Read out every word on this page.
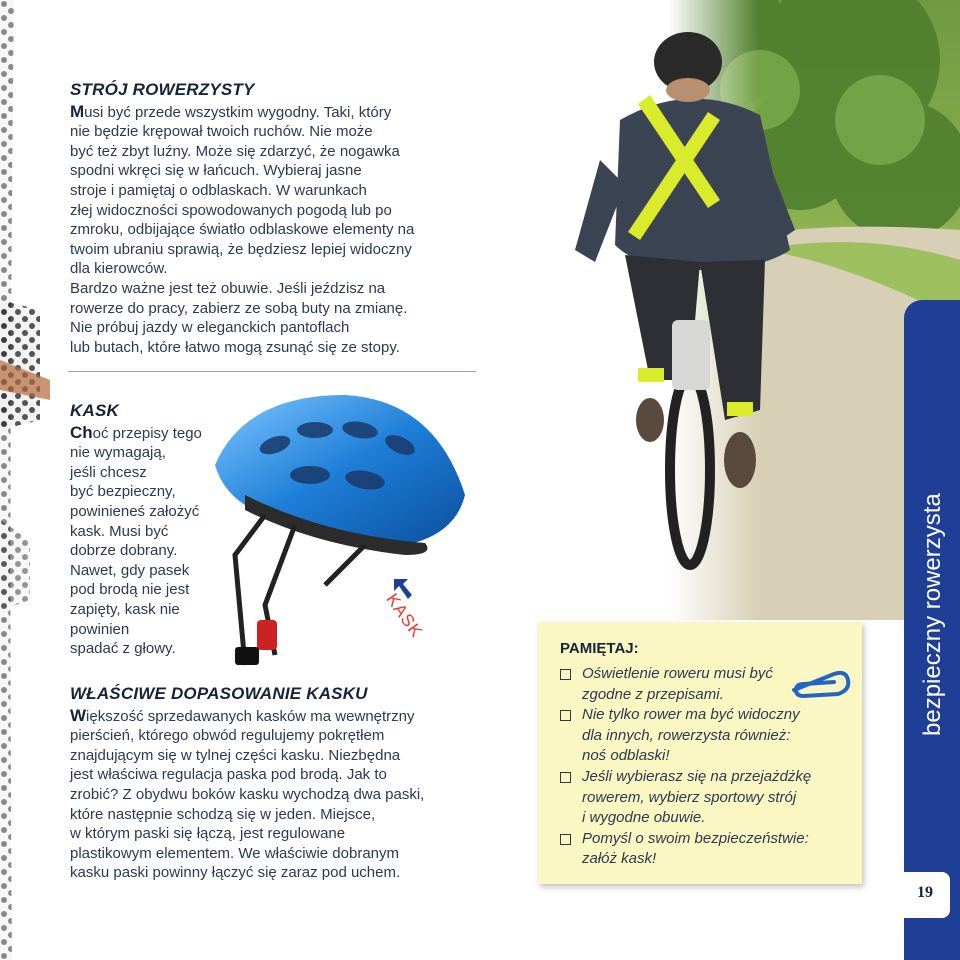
STRÓJ ROWERZYSTY

Musi być przede wszystkim wygodny. Taki, który
nie będzie krępował twoich ruchów. Nie może
być też zbyt luźny. Może się zdarzyć, że nogawka
spodni wkręci się w łańcuch. Wybieraj jasne
stroje i pamiętaj o odblaskach. W warunkach
złej widoczności spowodowanych pogodą lub po
zmroku, odbijające światło odblaskowe elementy na
twoim ubraniu sprawią, że będziesz lepiej widoczny
dla kierowców.

Bardzo ważne jest też obuwie. Jeśli jeździsz na
rowerze do pracy, zabierz ze sobą buty na zmianę.
Nie próbuj jazdy w eleganckich pantoflach
lub butach, które łatwo mogą zsunąć się ze stopy.

KASK

Choć przepisy tego
nie wymagają,
jeśli chcesz
być bezpieczny,
powinieneś założyć
kask. Musi być
dobrze dobrany.
Nawet, gdy pasek
pod brodą nie jest
zapięty, kask nie
powinien
spadać z głowy.

KASK
WŁAŚCIWE DOPASOWANIE KASKU

Większość sprzedawanych kasków ma wewnętrzny
pierścień, którego obwód regulujemy pokrętłem
znajdującym się w tylnej części kasku. Niezbędna
jest właściwa regulacja paska pod brodą. Jak to
zrobić? Z obydwu boków kasku wychodzą dwa paski,
które następnie schodzą się w jeden. Miejsce,
w którym paski się łączą, jest regulowane
plastikowym elementem. We właściwie dobranym
kasku paski powinny łączyć się zaraz pod uchem.

PAMIĘTAJ:
Oświetlenie roweru musi być
zgodne z przepisami.
Nie tylko rower ma być widoczny
dla innych, rowerzysta również:
noś odblaski!
Jeśli wybierasz się na przejażdżkę
rowerem, wybierz sportowy strój
i wygodne obuwie.
Pomyśl o swoim bezpieczeństwie:
załóż kask!
bezpieczny rowerzysta
19
